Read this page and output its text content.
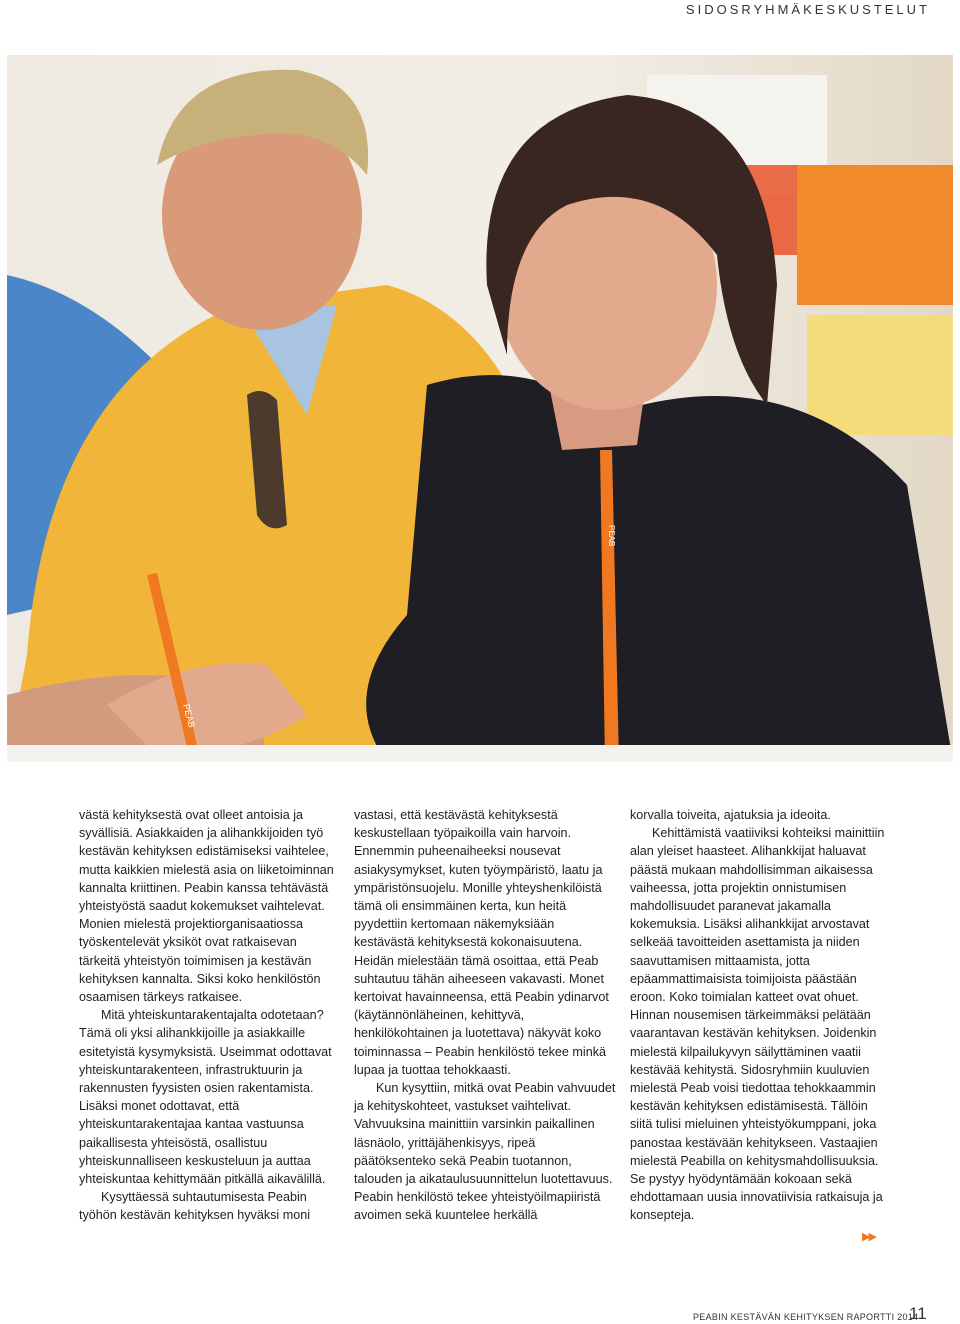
SIDOSRYHMÄKESKUSTELUT
PEAB
PEAB

västä kehityksestä ovat olleet antoisia ja syvällisiä. Asiakkaiden ja alihankkijoiden työ kestävän kehityksen edistämiseksi vaihtelee, mutta kaikkien mielestä asia on liiketoiminnan kannalta kriittinen. Peabin kanssa tehtävästä yhteistyöstä saadut kokemukset vaihtelevat. Monien mielestä projektiorganisaatiossa työskentelevät yksiköt ovat ratkaisevan tärkeitä yhteistyön toimimisen ja kestävän kehityksen kannalta. Siksi koko henkilöstön osaamisen tärkeys ratkaisee.

Mitä yhteiskuntarakentajalta odotetaan? Tämä oli yksi alihankkijoille ja asiakkaille esitetyistä kysymyksistä. Useimmat odottavat yhteiskuntarakenteen, infrastruktuurin ja rakennusten fyysisten osien rakentamista. Lisäksi monet odottavat, että yhteiskuntarakentajaa kantaa vastuunsa paikallisesta yhteisöstä, osallistuu yhteiskunnalliseen keskusteluun ja auttaa yhteiskuntaa kehittymään pitkällä aikavälillä.

Kysyttäessä suhtautumisesta Peabin työhön kestävän kehityksen hyväksi moni

vastasi, että kestävästä kehityksestä keskustellaan työpaikoilla vain harvoin. Ennemmin puheenaiheeksi nousevat asiakysymykset, kuten työympäristö, laatu ja ympäristönsuojelu. Monille yhteyshenkilöistä tämä oli ensimmäinen kerta, kun heitä pyydettiin kertomaan näkemyksiään kestävästä kehityksestä kokonaisuutena. Heidän mielestään tämä osoittaa, että Peab suhtautuu tähän aiheeseen vakavasti. Monet kertoivat havainneensa, että Peabin ydinarvot (käytännönläheinen, kehittyvä, henkilökohtainen ja luotettava) näkyvät koko toiminnassa – Peabin henkilöstö tekee minkä lupaa ja tuottaa tehokkaasti.

Kun kysyttiin, mitkä ovat Peabin vahvuudet ja kehityskohteet, vastukset vaihtelivat. Vahvuuksina mainittiin varsinkin paikallinen läsnäolo, yrittäjähenkisyys, ripeä päätöksenteko sekä Peabin tuotannon, talouden ja aikataulusuunnittelun luotettavuus. Peabin henkilöstö tekee yhteistyöilmapiiristä avoimen sekä kuuntelee herkällä

korvalla toiveita, ajatuksia ja ideoita.

Kehittämistä vaatiiviksi kohteiksi mainittiin alan yleiset haasteet. Alihankkijat haluavat päästä mukaan mahdollisimman aikaisessa vaiheessa, jotta projektin onnistumisen mahdollisuudet paranevat jakamalla kokemuksia. Lisäksi alihankkijat arvostavat selkeää tavoitteiden asettamista ja niiden saavuttamisen mittaamista, jotta epäammattimaisista toimijoista päästään eroon. Koko toimialan katteet ovat ohuet. Hinnan nousemisen tärkeimmäksi pelätään vaarantavan kestävän kehityksen. Joidenkin mielestä kilpailukyvyn säilyttäminen vaatii kestävää kehitystä. Sidosryhmiin kuuluvien mielestä Peab voisi tiedottaa tehokkaammin kestävän kehityksen edistämisestä. Tällöin siitä tulisi mieluinen yhteistyökumppani, joka panostaa kestävään kehitykseen. Vastaajien mielestä Peabilla on kehitysmahdollisuuksia. Se pystyy hyödyntämään kokoaan sekä ehdottamaan uusia innovatiivisia ratkaisuja ja konsepteja.

▶▶
PEABIN KESTÄVÄN KEHITYKSEN RAPORTTI 2014
11
